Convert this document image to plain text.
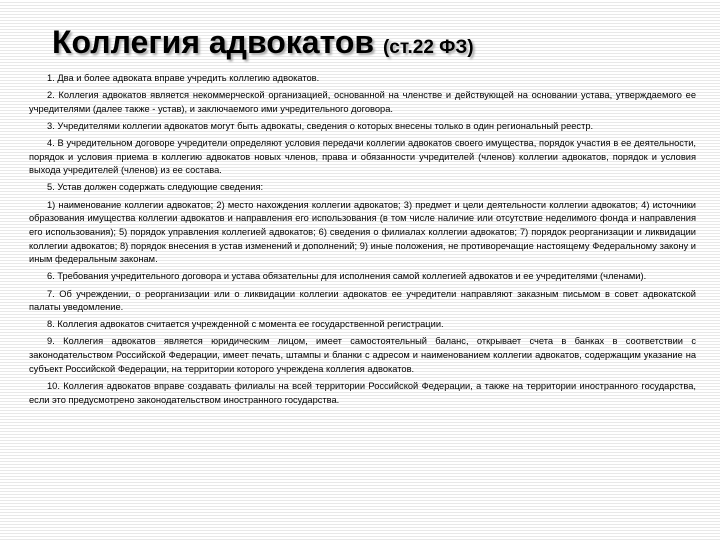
Коллегия адвокатов (ст.22 ФЗ)

1. Два и более адвоката вправе учредить коллегию адвокатов.

2. Коллегия адвокатов является некоммерческой организацией, основанной на членстве и действующей на основании устава, утверждаемого ее учредителями (далее также - устав), и заключаемого ими учредительного договора.

3. Учредителями коллегии адвокатов могут быть адвокаты, сведения о которых внесены только в один региональный реестр.

4. В учредительном договоре учредители определяют условия передачи коллегии адвокатов своего имущества, порядок участия в ее деятельности, порядок и условия приема в коллегию адвокатов новых членов, права и обязанности учредителей (членов) коллегии адвокатов, порядок и условия выхода учредителей (членов) из ее состава.

5. Устав должен содержать следующие сведения:

1) наименование коллегии адвокатов; 2) место нахождения коллегии адвокатов; 3) предмет и цели деятельности коллегии адвокатов; 4) источники образования имущества коллегии адвокатов и направления его использования (в том числе наличие или отсутствие неделимого фонда и направления его использования); 5) порядок управления коллегией адвокатов; 6) сведения о филиалах коллегии адвокатов; 7) порядок реорганизации и ликвидации коллегии адвокатов; 8) порядок внесения в устав изменений и дополнений; 9) иные положения, не противоречащие настоящему Федеральному закону и иным федеральным законам.

6. Требования учредительного договора и устава обязательны для исполнения самой коллегией адвокатов и ее учредителями (членами).

7. Об учреждении, о реорганизации или о ликвидации коллегии адвокатов ее учредители направляют заказным письмом в совет адвокатской палаты уведомление.

8. Коллегия адвокатов считается учрежденной с момента ее государственной регистрации.

9. Коллегия адвокатов является юридическим лицом, имеет самостоятельный баланс, открывает счета в банках в соответствии с законодательством Российской Федерации, имеет печать, штампы и бланки с адресом и наименованием коллегии адвокатов, содержащим указание на субъект Российской Федерации, на территории которого учреждена коллегия адвокатов.

10. Коллегия адвокатов вправе создавать филиалы на всей территории Российской Федерации, а также на территории иностранного государства, если это предусмотрено законодательством иностранного государства.
